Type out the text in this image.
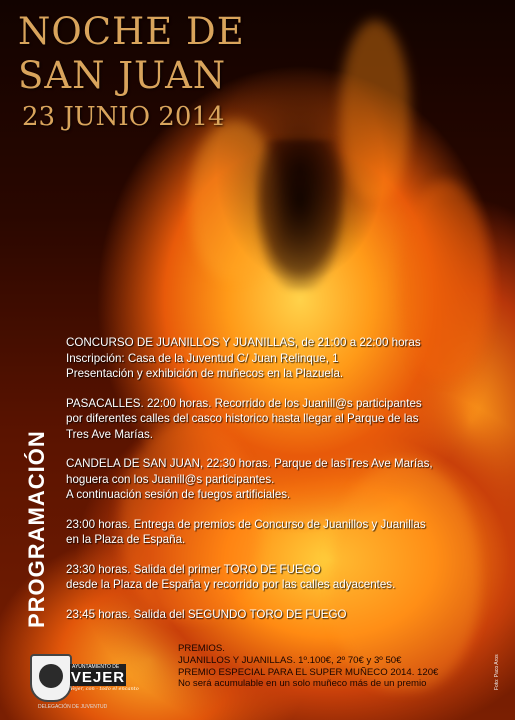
NOCHE DE
SAN JUAN
23 JUNIO 2014
PROGRAMACIÓN
CONCURSO DE JUANILLOS Y JUANILLAS, de 21:00 a 22:00 horas
Inscripción: Casa de la Juventud C/ Juan Relinque, 1
Presentación y exhibición de muñecos en la Plazuela.
PASACALLES. 22:00 horas. Recorrido de los Juanill@s participantes
por diferentes calles del casco historico hasta llegar al Parque de las
Tres Ave Marías.
CANDELA DE SAN JUAN, 22:30 horas. Parque de lasTres Ave Marías,
hoguera con los Juanill@s participantes.
A continuación sesión de fuegos artificiales.
23:00 horas. Entrega de premios de Concurso de Juanillos y Juanillas
en la Plaza de España.
23:30 horas. Salida del primer TORO DE FUEGO
desde la Plaza de España y recorrido por las calles adyacentes.
23:45 horas. Salida del SEGUNDO TORO DE FUEGO
PREMIOS.
JUANILLOS Y JUANILLAS. 1º.100€, 2º 70€ y 3º 50€
PREMIO ESPECIAL PARA EL SUPER MUÑECO 2014. 120€
No será acumulable en un solo muñeco más de un premio
AYUNTAMIENTO DE
VEJER
Vejer, con - todo el encanto
DELEGACIÓN DE JUVENTUD
Foto: Paco Aros
